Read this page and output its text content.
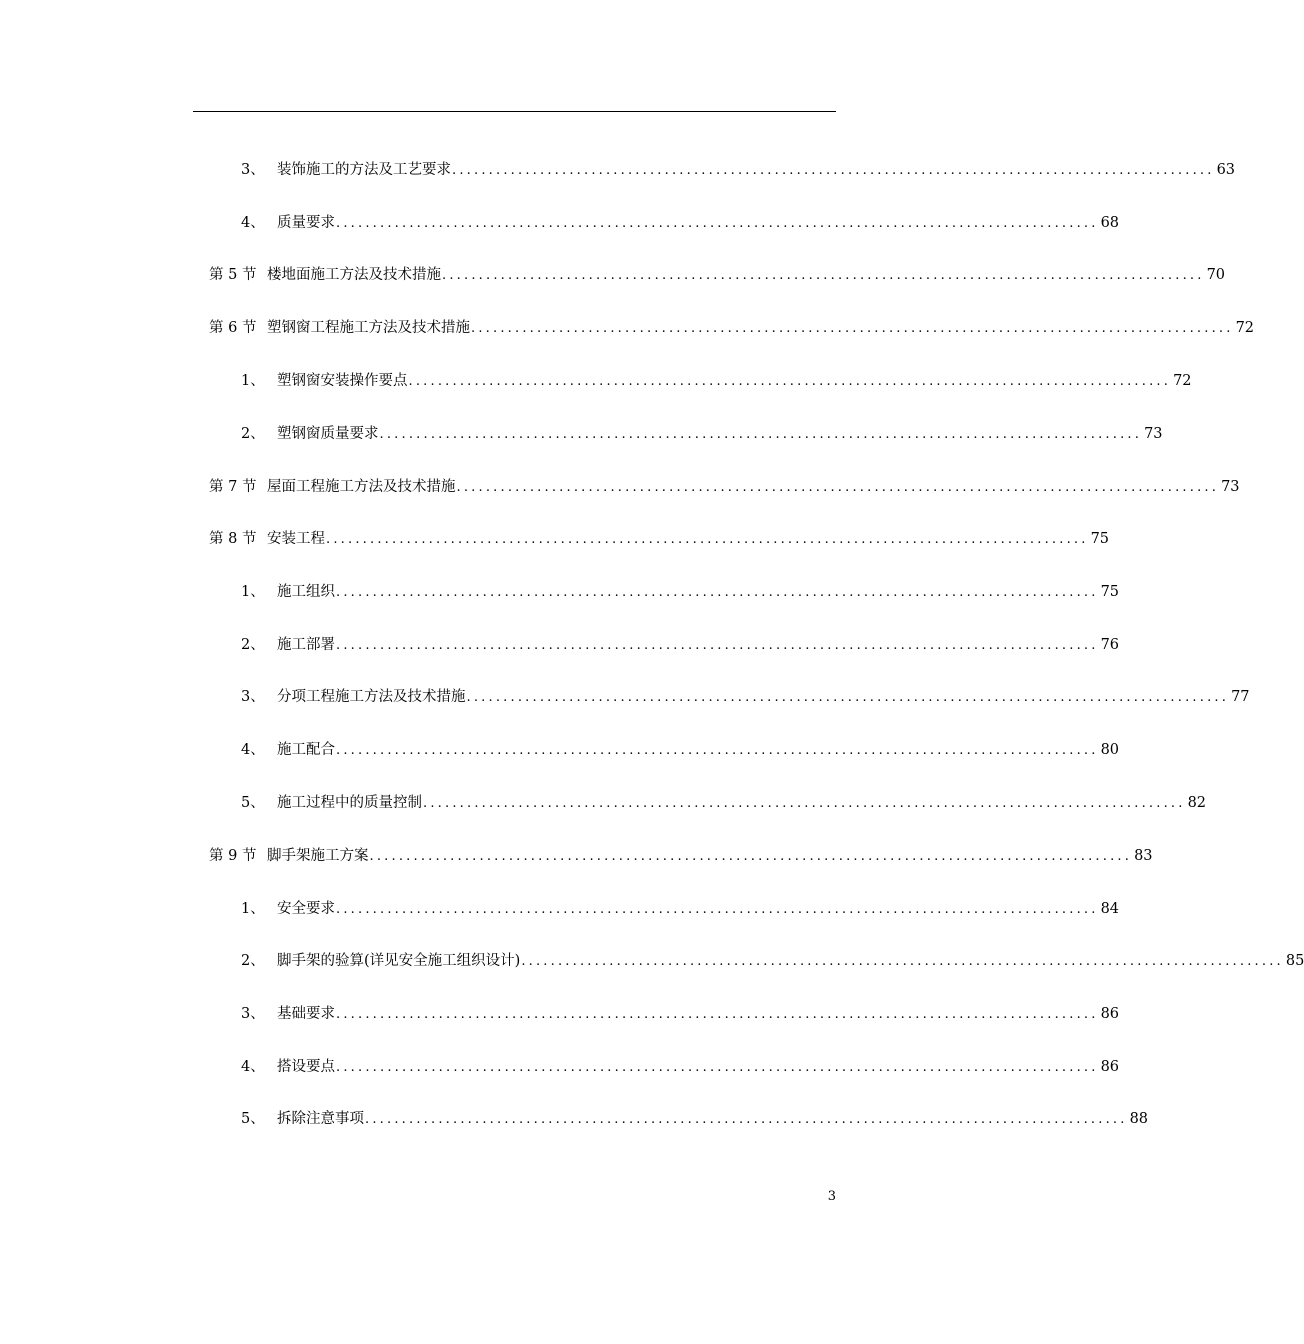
3、 装饰施工的方法及工艺要求 ........................................................................................................ 63
4、 质量要求 ........................................................................................................ 68
第 5 节 楼地面施工方法及技术措施 ........................................................................................................ 70
第 6 节 塑钢窗工程施工方法及技术措施 ........................................................................................................ 72
1、 塑钢窗安装操作要点 ........................................................................................................ 72
2、 塑钢窗质量要求 ........................................................................................................ 73
第 7 节 屋面工程施工方法及技术措施 ........................................................................................................ 73
第 8 节 安装工程 ........................................................................................................ 75
1、 施工组织 ........................................................................................................ 75
2、 施工部署 ........................................................................................................ 76
3、 分项工程施工方法及技术措施 ........................................................................................................ 77
4、 施工配合 ........................................................................................................ 80
5、 施工过程中的质量控制 ........................................................................................................ 82
第 9 节 脚手架施工方案 ........................................................................................................ 83
1、 安全要求 ........................................................................................................ 84
2、 脚手架的验算(详见安全施工组织设计) ........................................................................................................ 85
3、 基础要求 ........................................................................................................ 86
4、 搭设要点 ........................................................................................................ 86
5、 拆除注意事项 ........................................................................................................ 88
3
